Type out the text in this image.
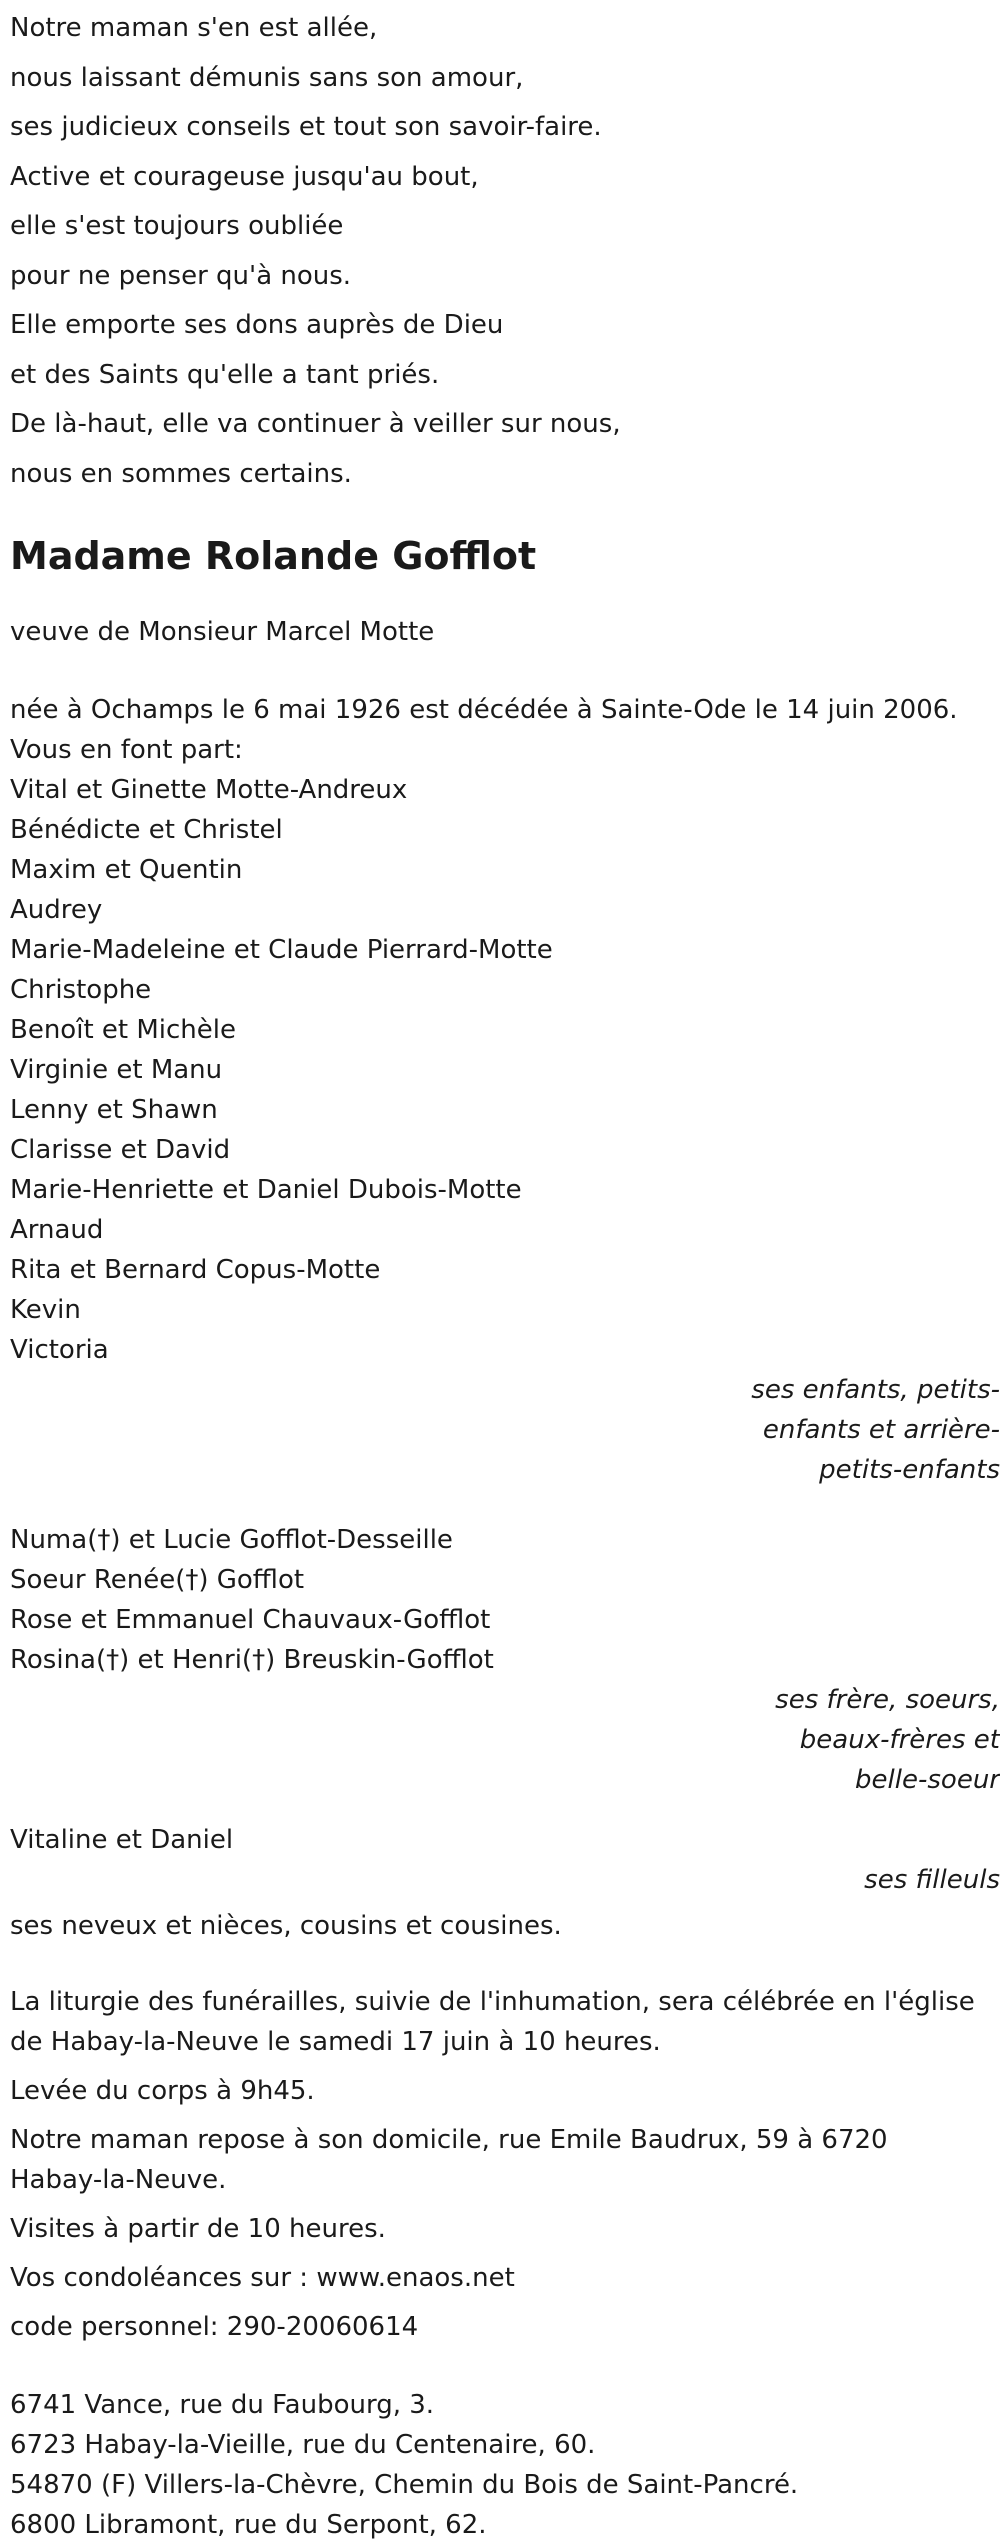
Notre maman s'en est allée,
nous laissant démunis sans son amour,
ses judicieux conseils et tout son savoir-faire.
Active et courageuse jusqu'au bout,
elle s'est toujours oubliée
pour ne penser qu'à nous.
Elle emporte ses dons auprès de Dieu
et des Saints qu'elle a tant priés.
De là-haut, elle va continuer à veiller sur nous,
nous en sommes certains.
Madame Rolande Gofflot
veuve de Monsieur Marcel Motte
née à Ochamps le 6 mai 1926 est décédée à Sainte-Ode le 14 juin 2006.
Vous en font part:
Vital et Ginette Motte-Andreux
Bénédicte et Christel
Maxim et Quentin
Audrey
Marie-Madeleine et Claude Pierrard-Motte
Christophe
Benoît et Michèle
Virginie et Manu
Lenny et Shawn
Clarisse et David
Marie-Henriette et Daniel Dubois-Motte
Arnaud
Rita et Bernard Copus-Motte
Kevin
Victoria
ses enfants, petits-
enfants et arrière-
petits-enfants
Numa(†) et Lucie Gofflot-Desseille
Soeur Renée(†) Gofflot
Rose et Emmanuel Chauvaux-Gofflot
Rosina(†) et Henri(†) Breuskin-Gofflot
ses frère, soeurs,
beaux-frères et
belle-soeur
Vitaline et Daniel
ses filleuls
ses neveux et nièces, cousins et cousines.
La liturgie des funérailles, suivie de l'inhumation, sera célébrée en l'église
de Habay-la-Neuve le samedi 17 juin à 10 heures.
Levée du corps à 9h45.
Notre maman repose à son domicile, rue Emile Baudrux, 59 à 6720
Habay-la-Neuve.
Visites à partir de 10 heures.
Vos condoléances sur : www.enaos.net
code personnel: 290-20060614
6741 Vance, rue du Faubourg, 3.
6723 Habay-la-Vieille, rue du Centenaire, 60.
54870 (F) Villers-la-Chèvre, Chemin du Bois de Saint-Pancré.
6800 Libramont, rue du Serpont, 62.
